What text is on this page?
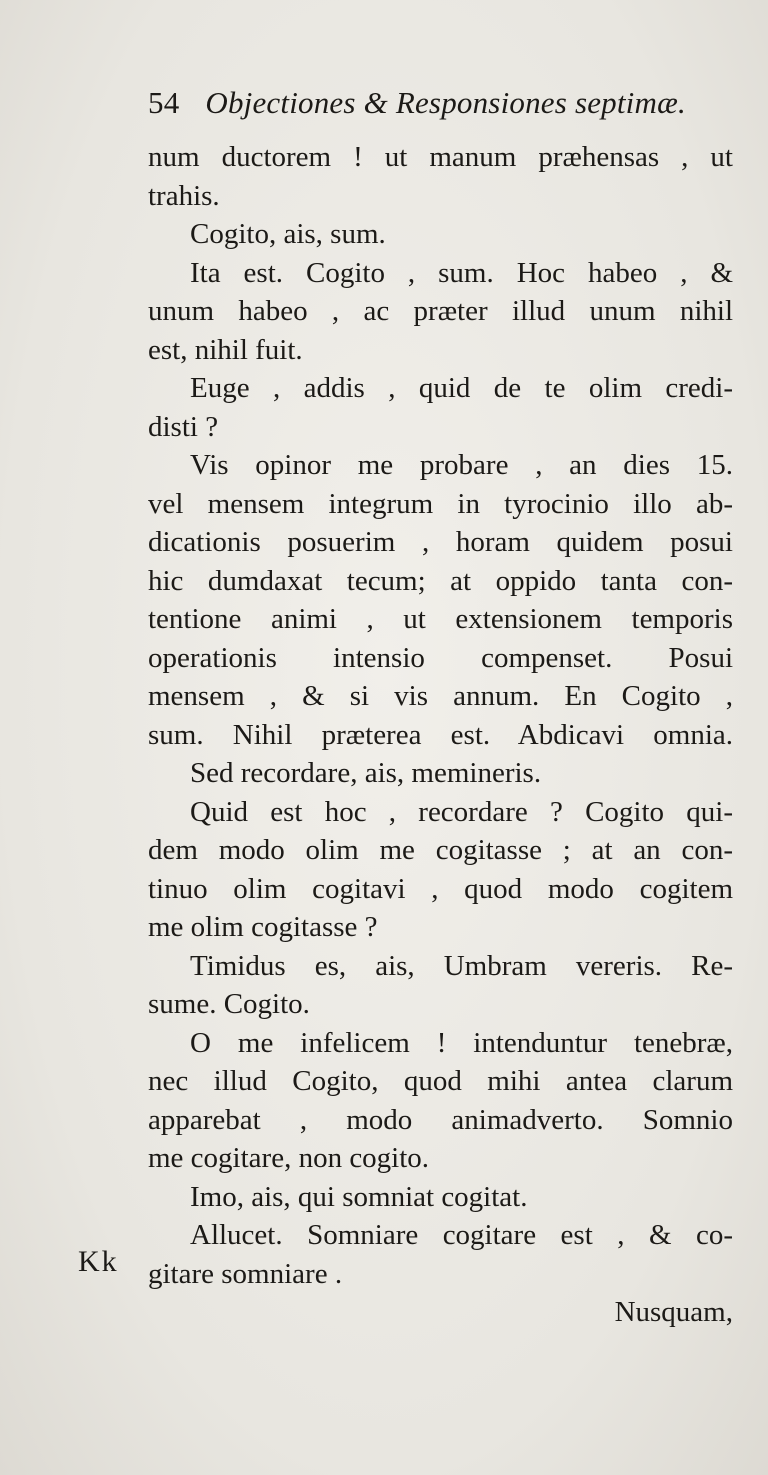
54 Objectiones & Responsiones septimæ.
num ductorem ! ut manum præhensas , ut
trahis.
Cogito, ais, sum.
Ita est. Cogito , sum. Hoc habeo , &
unum habeo , ac præter illud unum nihil
est, nihil fuit.
Euge , addis , quid de te olim credi-
disti ?
Vis opinor me probare , an dies 15.
vel mensem integrum in tyrocinio illo ab-
dicationis posuerim , horam quidem posui
hic dumdaxat tecum; at oppido tanta con-
tentione animi , ut extensionem temporis
operationis intensio compenset. Posui
mensem , & si vis annum. En Cogito ,
sum. Nihil præterea est. Abdicavi omnia.
Sed recordare, ais, memineris.
Quid est hoc , recordare ? Cogito qui-
dem modo olim me cogitasse ; at an con-
tinuo olim cogitavi , quod modo cogitem
me olim cogitasse ?
Timidus es, ais, Umbram vereris. Re-
sume. Cogito.
O me infelicem ! intenduntur tenebræ,
nec illud Cogito, quod mihi antea clarum
apparebat , modo animadverto. Somnio
me cogitare, non cogito.
Imo, ais, qui somniat cogitat.
Allucet. Somniare cogitare est , & co-
gitare somniare .
Nusquam,
Kk
